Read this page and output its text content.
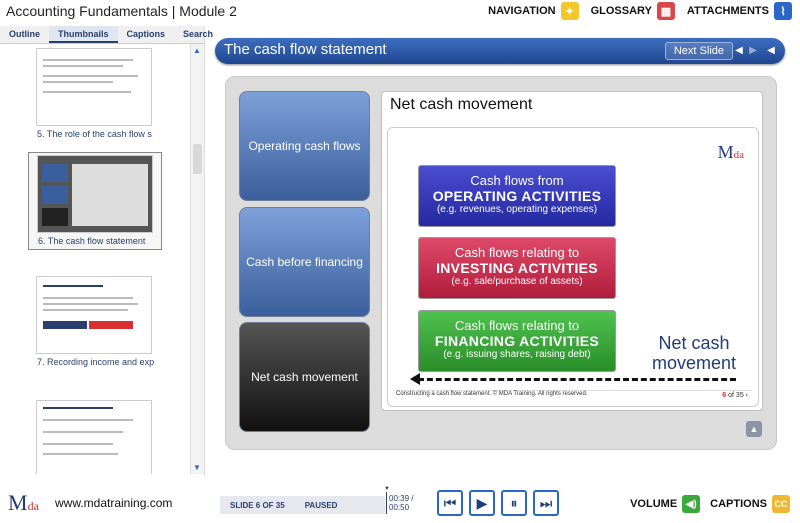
Accounting Fundamentals | Module 2	NAVIGATION ✦	GLOSSARY ▦	ATTACHMENTS	⌇
Outline	Thumbnails	Captions	Search
5. The role of the cash flow s
6. The cash flow statement
7. Recording income and exp
▲
▼
The cash flow statement	Next Slide	◀ ▶	◀
Operating cash flows
Cash before financing
Net cash movement
Net cash movement
Mda
Cash flows from
OPERATING ACTIVITIES
(e.g. revenues, operating expenses)
Cash flows relating to
INVESTING ACTIVITIES
(e.g. sale/purchase of assets)
Cash flows relating to
FINANCING ACTIVITIES
(e.g. issuing shares, raising debt)
Net cash
movement
Constructing a cash flow statement. © MDA Training. All rights reserved.	6 of 35 ‹
▲
Mda www.mdatraining.com	SLIDE 6 OF 35	PAUSED
▼
00:39 / 00:50	⏮	▶	⏸	⏭	VOLUME ◀)	CAPTIONS CC
